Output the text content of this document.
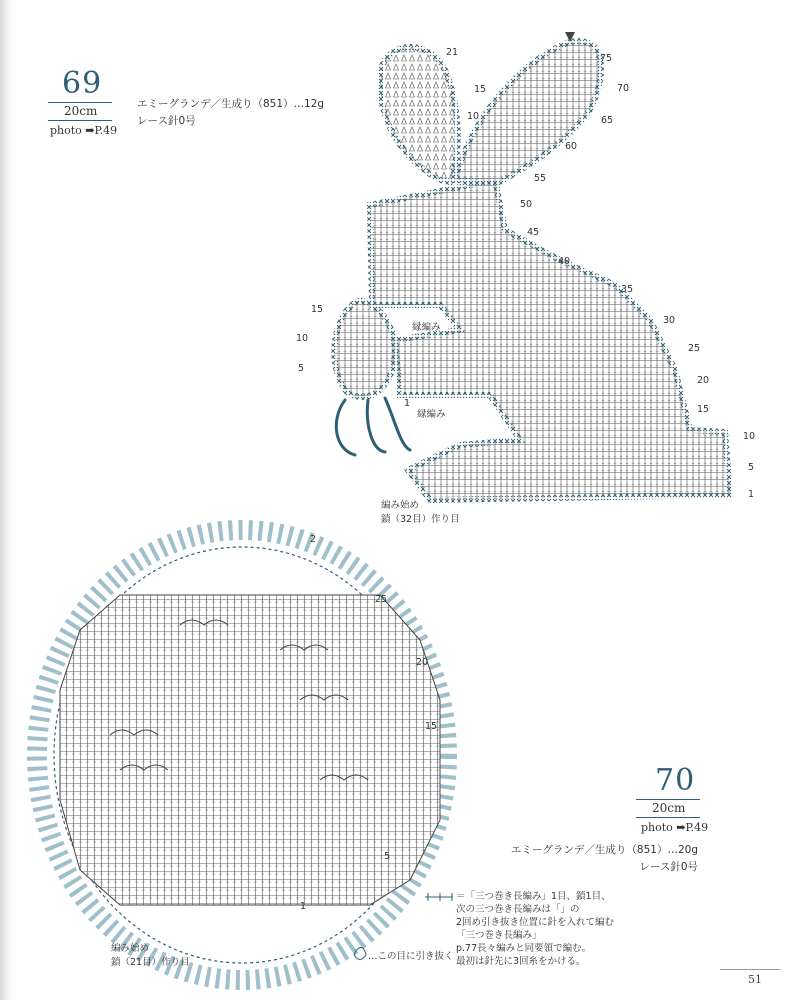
69
20cm
photo ➡P.49
エミーグランデ／生成り（851）…12g
レース針0号
70
20cm
photo ➡P.49
エミーグランデ／生成り（851）…20g
レース針0号
75
70
65
60
55
50
45
40
35
30
25
20
15
10
5
1
21
15
10
15
10
5
1
縁編み
縁編み
編み始め
鎖（32目）作り目
25
20
15
5
1
2
編み始め
鎖（21目）作り目
＝「三つ巻き長編み」1目、鎖1目、
次の三つ巻き長編みは「」の
2回め引き抜き位置に針を入れて編む
「三つ巻き長編み」
p.77長々編みと同要領で編む。
最初は針先に3回糸をかける。
…この目に引き抜く
51
